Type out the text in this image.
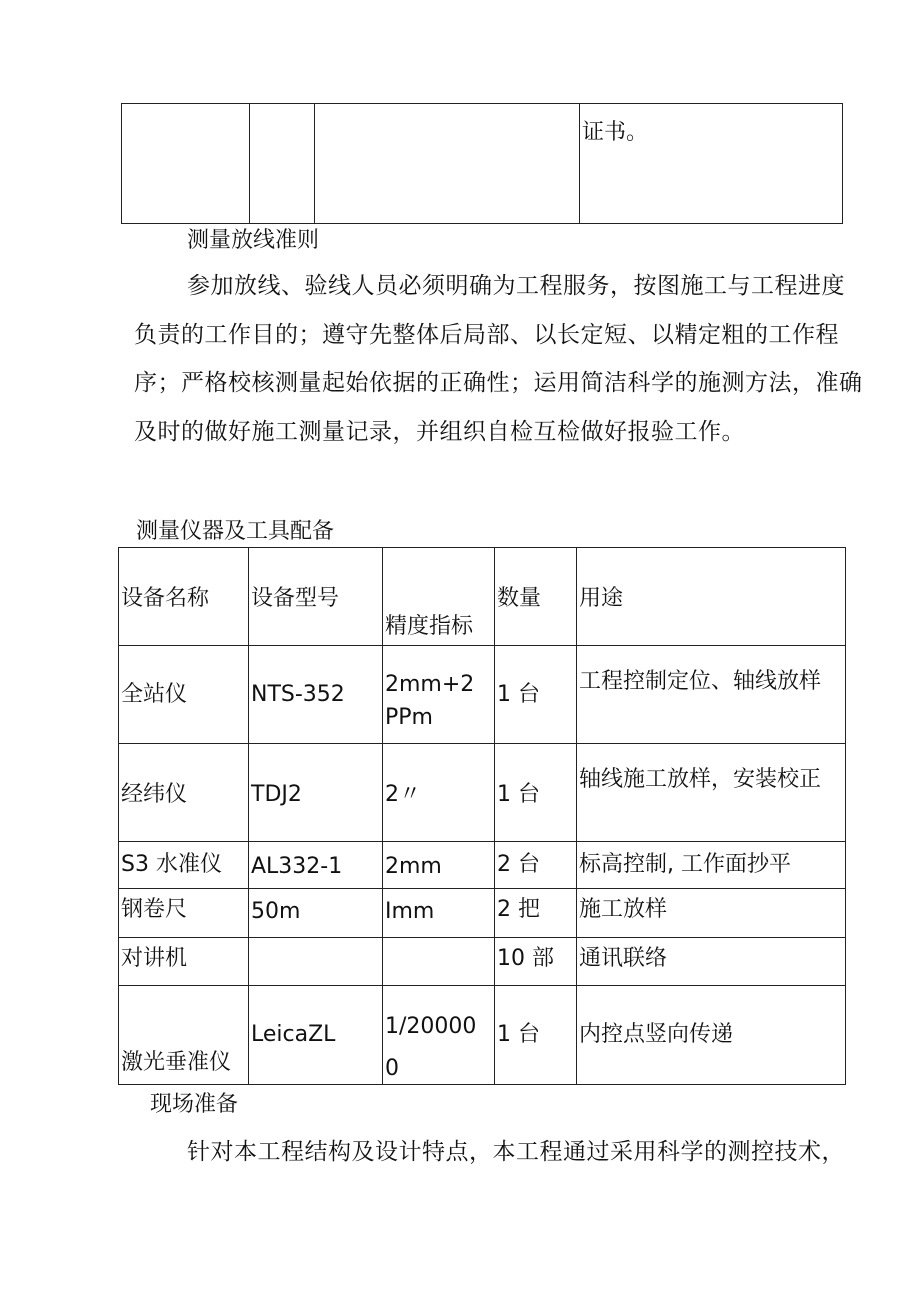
证书。
测量放线准则
参加放线、验线人员必须明确为工程服务，按图施工与工程进度负责的工作目的；遵守先整体后局部、以长定短、以精定粗的工作程序；严格校核测量起始依据的正确性；运用简洁科学的施测方法，准确及时的做好施工测量记录，并组织自检互检做好报验工作。
测量仪器及工具配备
设备名称	设备型号	精度指标	数量	用途

全站仪	NTS-352	2mm+2PPm	1 台	工程控制定位、轴线放样

经纬仪	TDJ2	2〃	1 台	轴线施工放样，安装校正

S3 水准仪	AL332-1	2mm	2 台	标高控制, 工作面抄平

钢卷尺	50m	Imm	2 把	施工放样

对讲机			10 部	通讯联络

激光垂准仪	LeicaZL	1/200000	1 台	内控点竖向传递
现场准备
针对本工程结构及设计特点，本工程通过采用科学的测控技术，
